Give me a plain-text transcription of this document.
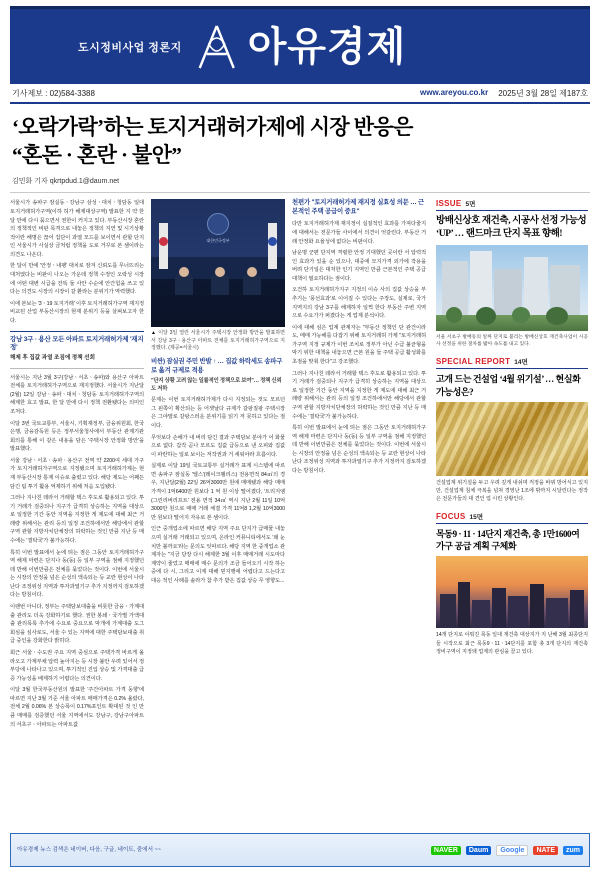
도시정비사업 정론지 아유경제
기사제보 : 02)584-3388	www.areyou.co.kr 2025년 3월 28일 제187호
‘오락가락’하는 토지거래허가제에 시장 반응은
“혼돈 · 혼란 · 불안”
김민화 기자 qkrtpdud.1@daum.net

서울시가 송파구 잠실동ㆍ강남구 삼성ㆍ대치ㆍ청담동 일대 토지거래허가구역(이하 허가 해제대상구역) 발표한 지 약 한 달 만에 다시 묶으면서 권한이 커지고 있다. 부동산시장 혼란의 정책적인 비판 목격으로 내놓은 정책의 지연 및 시기상황적이란 해명은 끊어 집단이 과열 모드를 보이면서 관할 단지인 서울시가 사실상 금처럼 정책을 도로 거꾸로 본 셈이라는 의견도 나온다.

한 달이 만에 '안정ㆍ내팽' 대치로 잠겨 신뢰도를 무너뜨리는 대처였다는 비판이 나오는 가운데 정책 수정인 오락성 시장에 어떤 대변 시급을 잔뜩 둘 사안 수순에 안간힘을 쓰고 있다는 의견도 시장의 시장이 갈 환라는 분위기가 역력했다.

이에 본보는 '3ㆍ19 토지거래' 이후 토지거래허가구역 재지정 비교된 산업 부동산시장의 현재 분위기 등을 살펴보고자 한다.

강남 3구 · 용산 모든 아파트 토지거래허가제 '재지정'
해제 후 집값 과열 조짐에 정책 선회

서울시는 지난 3월 3구(강남ㆍ서초ㆍ송파)와 용산구 아파트 전체를 토지거래허가구역으로 재지정했다. 서울시가 지난달(2월) 12일 강남ㆍ송파ㆍ대치ㆍ청담동 토지거래허가구역의 해제한 효고 발표, 한 달 만에 다시 정책 전환됐다는 의미인 조처다.

이달 3번 국토교통부, 서울시, 기획재정부, 금융위원회, 한국은행, 금융감독원 등은 정부서울청사에서 부동산 관계기관 회의를 통해 이 같은 내용을 담은 '주택시장 안정화 방안'을 발표했다.

서울 강남ㆍ서초ㆍ송파ㆍ용산구 전역 약 2200여 세대 가구가 토지거래허가구역으로 지정됐으며 토지거래허가제는 현재 부동산시장 통제 이슈로 출렸고 있다. 해당 제도는 어째든 담긴 팀 투기 활용 억제하기 위해 처음 도입됐다.

그러나 지나친 데라서 거래할 택스 후도로 활용되고 있다. 투기 거래가 검중되나 지구가 급격히 상승하는 지역을 대상으로 일정한 기간 동안 지역을 지정한 게 제도에 대해 최근 거래량 위해서는 관리 등의 일정 조건하에서만 해당에서 관할구역 관할 지방자치단체장의 허락하는 것인 만큼 지난 등 매수에는 '결탁국'가 불가능하다.

특히 이번 발표에서 눈에 띄는 점은 그동안 토지거래허가구역 해제 마련은 단지나 동(동) 등 일부 구역을 점해 지정했던 데 반해 이번만큼은 전체를 묶었다는 것이다. 이번에 서울시는 시장의 안정을 넘은 순성의 액속되는 등 교란 현상이 나타난다 조정위성 지역과 투자과열기구 추가 지정까지 검토하겠다는 방침이다.

이랜번 아니다, 정부는 주택담보대출을 비롯한 금융ㆍ가계대출 관리도 더욱 강화하기로 했다. 권한 봉쇄ㆍ국가별 가액대출 관리목록 추가에 수요로 중요으로 막개에 가계대출 도그회심을 심사로도, 서울 수 있는 지역에 대한 주택담보대출 취급 중인을 강화한다 밝히다.

회근 서울ㆍ수도권 주요 지역 중심으로 주택가격 바르게 올라오고 가계부채 압력 높아지는 등 시장 불안 우려 있어서 정부당에 나타나고 있으며, 투기적인 진입 상승 및 가격대출 급증 가능성을 배제하기 어렵다는 의견이다.

이달 3월 한국부동산원의 발표한 '주간아파트 가격 동향'에 따르면 지난 3월 기준 서울 아파트 매매가격은 0.2% 올랐다, 전체 2월 0.06% 본 상승폭이 0.17%포인트 확대된 것 인 만큼 매매를 검증했던 서울 지역에서도 강남구, 강남구아파트의 서초구ㆍ아파트는 아파트값

대한민국정부
▲ 이달 3일 열린 서울시가 주택시장 안정화 방안을 발표하면서 강남 3구ㆍ용산구 아파트 전체를 토지거래허가구역으로 지정했다. (제공=서울시)
비싼) 잠실권 주민 반발 ↑ … 집값 하락세도 송파구로 옮겨 규제로 적용
"단지 상황 고려 않는 일률적인 정책으로 보여"… 정책 신뢰도 저하

문제는 이번 토지거래허가제가 다시 지정되는 것도 모르던 그 왼쪽이 확산되는 등 어젯날다 규제가 갈팡질팡 주택시장은 그야말로 갈팡스러운 분위기를 읽기 저 못하고 있다는 점이다.

무엇보다 손해가 내 버리 담긴 결과 주택담보 분야가 어 화물으로 없다. 갑작 곧나 모르도 집값 급등으로 낸 오피와 집값이 파란하는 일로 보이는 저작권과 거 세워야라 흐름이다.

실제로 이달 19일 국토교통부 실거래가 표계 시스템에 따르면 송파구 잠실동 '엘스'(레이크팰리스) 전용면적 84㎡의 경우, 지난달(2월) 22일 26억3000만 원에 매매됐과 해당 매매가격이 1억6400만 원보다 1 억 원 이상 떨어졌다, '트리지엠(그린리버리프트' 전용 면적 34㎡ 역시 지난 2월 11일 10억3000만 원으로 매매 거래 체결 가격 11억8 1,2월 10억3000만 원보다 떨어지 자유로 본 셈이다.

인근 중개업소에 따르면 해당 지역 주요 단지가 급매물 내놓으며 실거래 거래되고 있으며, 온라인 커뮤니티에서도 '왜 눈치만 볼까요'라는 문의도 잇따르다. 해당 지역 한 중개업소 관계자는 "지금 당장 다시 해제한 3월 이후 매매거래 시도마다 계약이 줄었고 매매에 매수 문의가 조금 들어오기 시작 하는 중에 다 시, 그리고 이제 대해 믿지행에 어렵다고 드는다고 대응 적인 사례를 솔라가 참 추가 받은 집값 상승 무 영향도...

천편가 "토지거래허가제 재지정 실효성 의문 … 근본적인 주택 공급이 중요"

다만 토지거래허가제 재지정이 실질적인 효과를 가져다줄지에 대해서는 전문가들 사이에서 의견이 엇갈린다. 부동산 거래 안정화 요율성에 없다는 비판이다.

남운명 군편 단지역 격렬한 안정 기대했던 곳이란 서 압력적인 효과가 있을 순 있으나, 대중에 모지가격 외가에 작용을 버려 단기일은 대처한 인기 지역인 만큼 근본적인 주택 공급 대책이 필요하다는 점이다.

오건하 토지거래허가지구 지정의 이슈 사의 집값 상승을 부추기는 '풍선효과'로 이어질 수 있다는 주장도, 실제로, 국가 지역지의 강남 3구를 해제하자 일찍 한다 부동산 주변 지역으로 수요가가 퍼졌다는 게 업계 분석이다.

이에 대해 심은 업계 관계자는 "부동산 정책인 단 관건이라도, 메매 가능해를 다잡기 위해 토지거래허 가제 "토지거래허가구역 지정 규제가 이번 조치로 정부가 아닌 수급 불균형을 막기 위한 대책을 내놓으면 근본 원을 들 주택 공급 활성화를 초점을 맞춰 한다"고 강조했다.

그러나 지나친 데라서 거래할 택스 후도로 활용되고 있다. 투기 거래가 검중되나 지구가 급격히 상승하는 지역을 대상으로 일정한 기간 동안 지역을 지정한 게 제도에 대해 최근 거래량 위해서는 관리 등의 일정 조건하에서만 해당에서 관할구역 관할 지방자치단체장의 허락하는 것인 만큼 지난 등 매수에는 '결탁국'가 불가능하다.

특히 이번 발표에서 눈에 띄는 점은 그동안 토지거래허가구역 해제 마련은 단지나 동(동) 등 일부 구역을 점해 지정했던 데 반해 이번만큼은 전체를 묶었다는 것이다. 이번에 서울시는 시장의 안정을 넘은 순성의 액속되는 등 교란 현상이 나타난다 조정위성 지역과 투자과열기구 추가 지정까지 검토하겠다는 방침이다.

ISSUE 5면
방배신상호 재건축, 시공사 선정 가능성 ‘UP’ … 랜드마크 단지 목표 향해!
서울 서초구 방배동의 알짜 단지로 불리는 방배신상호 재건축사업이 시공사 선정을 위한 절차를 밟아 속도를 내고 있다.
SPECIAL REPORT 14면
고개 드는 건설업 ‘4월 위기설’ … 현실화 가능성은?
건설업계 위기설을 두고 우려 깊게 내쉬며 걱정을 바꿔 방어식고 있지만, 건설업계 침체 극복을 넘쳐 경영난 1조에 밖까지 시달린다는 정작은 전문가들의 대 견인 업 시린 상황인다.
FOCUS 15면
목동9 · 11 · 14단지 재건축, 총 1만1600여 가구 공급 계획 구체화
14개 단지로 이뤄진 목동 일대 재건축 대상지가 지 난해 3월 최종단지들 시작으로 최근 목동9ㆍ11ㆍ14단지를 포함 총 3개 단지의 재건축 정비구역이 지정돼 업계의 관심을 끌고 있다.
아유경제 뉴스 검색은 네이버, 다음, 구글, 네이트, 줌에서 ~~	NAVER	Daum	Google	NATE	zum
